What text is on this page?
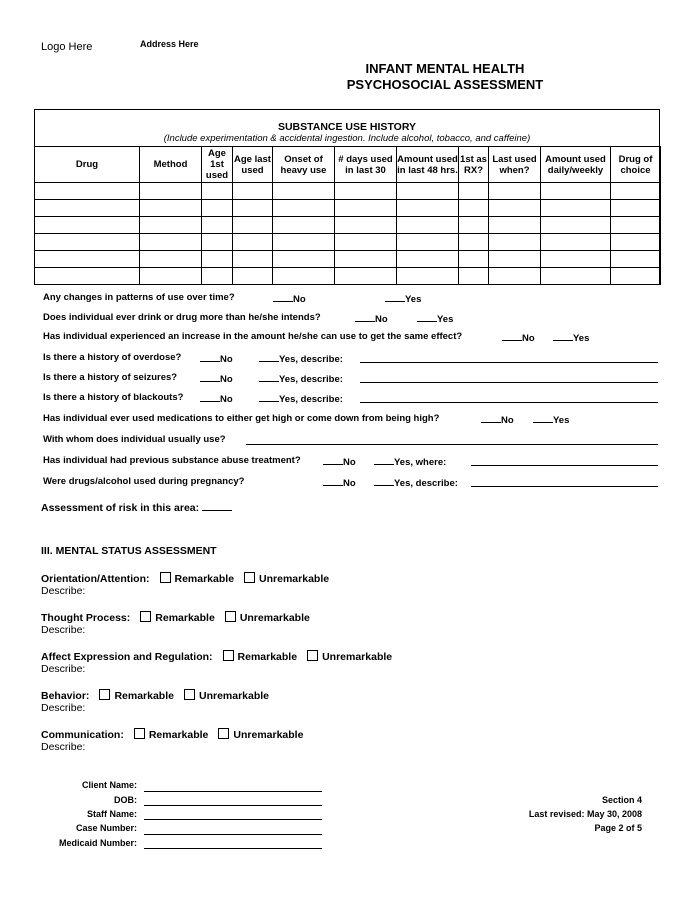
Logo Here	Address Here
INFANT MENTAL HEALTH
PSYCHOSOCIAL ASSESSMENT
SUBSTANCE USE HISTORY
(Include experimentation & accidental ingestion. Include alcohol, tobacco, and caffeine)
Drug	Method	Age 1st used	Age last used	Onset of heavy use	# days used in last 30	Amount used in last 48 hrs.	1st as RX?	Last used when?	Amount used daily/weekly	Drug of choice

Any changes in patterns of use over time?	No	Yes
Does individual ever drink or drug more than he/she intends?	No	Yes
Has individual experienced an increase in the amount he/she can use to get the same effect?	No	Yes
Is there a history of overdose?	No	Yes, describe:
Is there a history of seizures?	No	Yes, describe:
Is there a history of blackouts?	No	Yes, describe:
Has individual ever used medications to either get high or come down from being high?	No	Yes
With whom does individual usually use?
Has individual had previous substance abuse treatment?	No	Yes, where:
Were drugs/alcohol used during pregnancy?	No	Yes, describe:
Assessment of risk in this area:
III. MENTAL STATUS ASSESSMENT
Orientation/Attention: Remarkable Unremarkable
Describe:
Thought Process: Remarkable Unremarkable
Describe:
Affect Expression and Regulation: Remarkable Unremarkable
Describe:
Behavior: Remarkable Unremarkable
Describe:
Communication: Remarkable Unremarkable
Describe:
Client Name:
DOB:
Staff Name:
Case Number:
Medicaid Number:
Section 4
Last revised: May 30, 2008
Page 2 of 5
